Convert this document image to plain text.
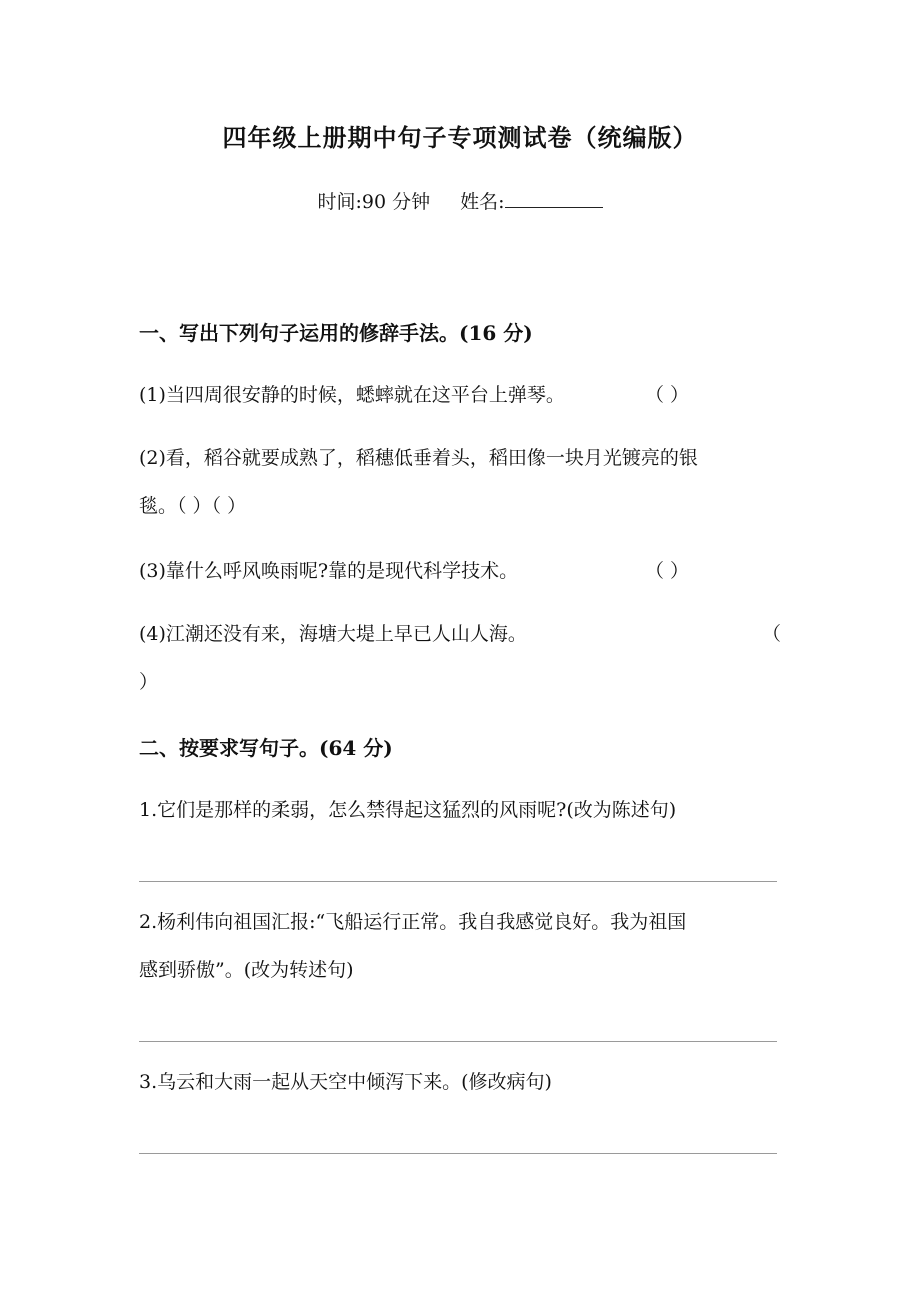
四年级上册期中句子专项测试卷（统编版）
时间:90 分钟 姓名:
一、写出下列句子运用的修辞手法。(16 分)
(1)当四周很安静的时候，蟋蟀就在这平台上弹琴。	（ ）
(2)看，稻谷就要成熟了，稻穗低垂着头，稻田像一块月光镀亮的银
毯。（ ）（ ）
(3)靠什么呼风唤雨呢?靠的是现代科学技术。	（ ）
(4)江潮还没有来，海塘大堤上早已人山人海。	（
）
二、按要求写句子。(64 分)
1.它们是那样的柔弱，怎么禁得起这猛烈的风雨呢?(改为陈述句)
2.杨利伟向祖国汇报:“飞船运行正常。我自我感觉良好。我为祖国
感到骄傲”。(改为转述句)
3.乌云和大雨一起从天空中倾泻下来。(修改病句)
